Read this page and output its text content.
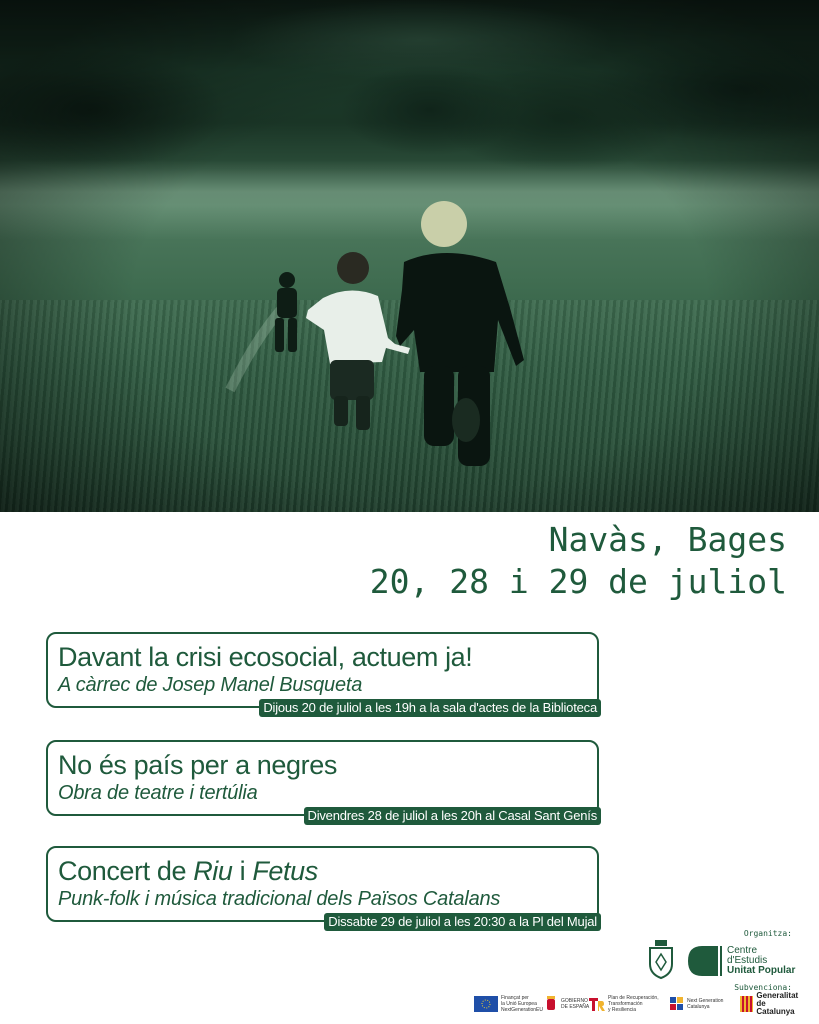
Navàs, Bages
20, 28 i 29 de juliol
Davant la crisi ecosocial, actuem ja!
A càrrec de Josep Manel Busqueta
Dijous 20 de juliol a les 19h a la sala d'actes de la Biblioteca
No és país per a negres
Obra de teatre i tertúlia
Divendres 28 de juliol a les 20h al Casal Sant Genís
Concert de Riu i Fetus
Punk-folk i música tradicional dels Països Catalans
Dissabte 29 de juliol a les 20:30 a la Pl del Mujal
Organitza:
Centre
d'Estudis
Unitat Popular
Subvenciona:
Finançat per
la Unió Europea
NextGenerationEU
GOBIERNO
DE ESPAÑA
Plan de Recuperación,
Transformación
y Resiliencia
Next Generation
Catalunya
Generalitat
de Catalunya
